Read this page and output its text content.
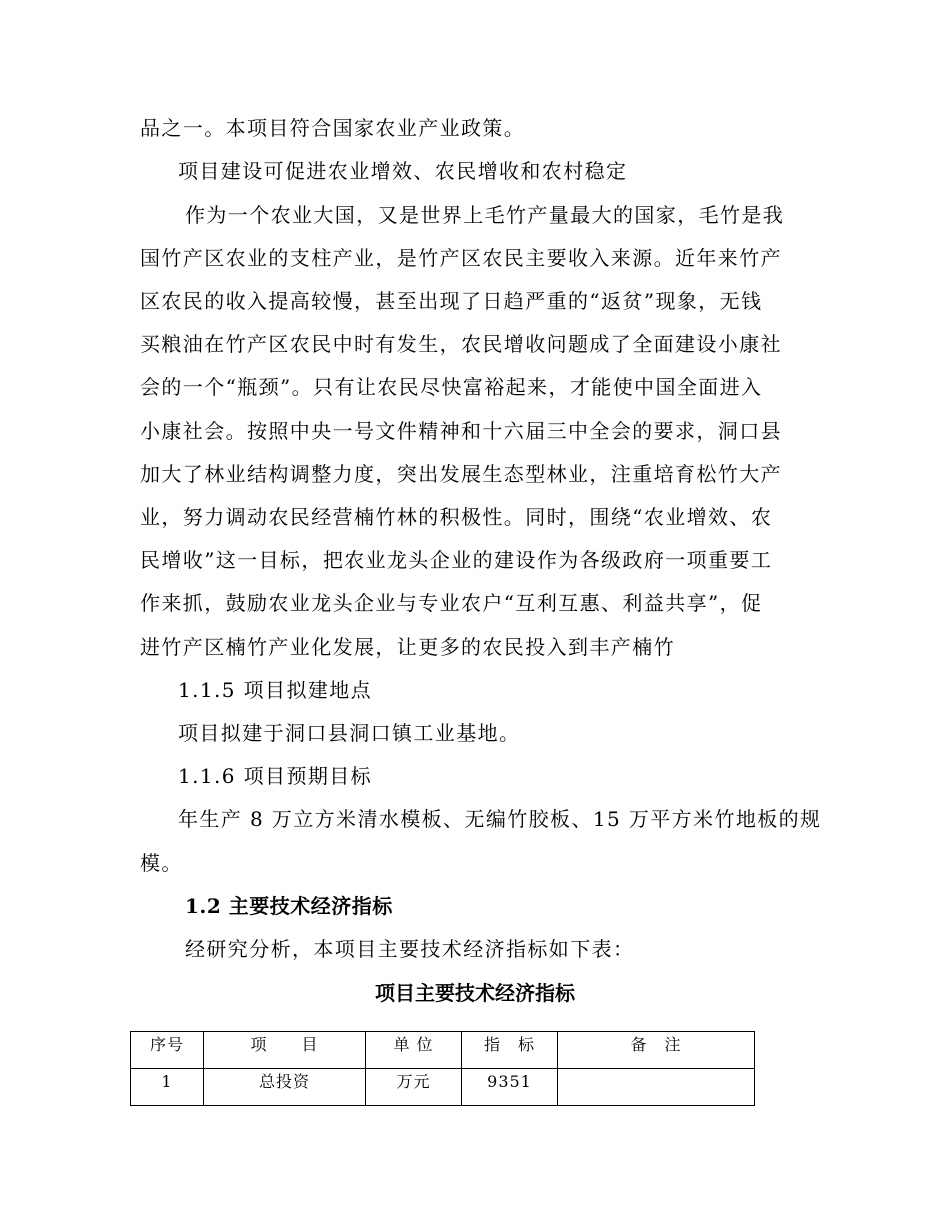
品之一。本项目符合国家农业产业政策。
项目建设可促进农业增效、农民增收和农村稳定
作为一个农业大国，又是世界上毛竹产量最大的国家，毛竹是我
国竹产区农业的支柱产业，是竹产区农民主要收入来源。近年来竹产
区农民的收入提高较慢，甚至出现了日趋严重的“返贫”现象，无钱
买粮油在竹产区农民中时有发生，农民增收问题成了全面建设小康社
会的一个“瓶颈”。只有让农民尽快富裕起来，才能使中国全面进入
小康社会。按照中央一号文件精神和十六届三中全会的要求，洞口县
加大了林业结构调整力度，突出发展生态型林业，注重培育松竹大产
业，努力调动农民经营楠竹林的积极性。同时，围绕“农业增效、农
民增收”这一目标，把农业龙头企业的建设作为各级政府一项重要工
作来抓，鼓励农业龙头企业与专业农户“互利互惠、利益共享”，促
进竹产区楠竹产业化发展，让更多的农民投入到丰产楠竹
1.1.5 项目拟建地点
项目拟建于洞口县洞口镇工业基地。
1.1.6 项目预期目标
年生产 8 万立方米清水模板、无编竹胶板、15 万平方米竹地板的规
模。
1.2 主要技术经济指标
经研究分析，本项目主要技术经济指标如下表：
项目主要技术经济指标
序号	项　　目	单 位	指　标	备　注
1	总投资	万元	9351	
